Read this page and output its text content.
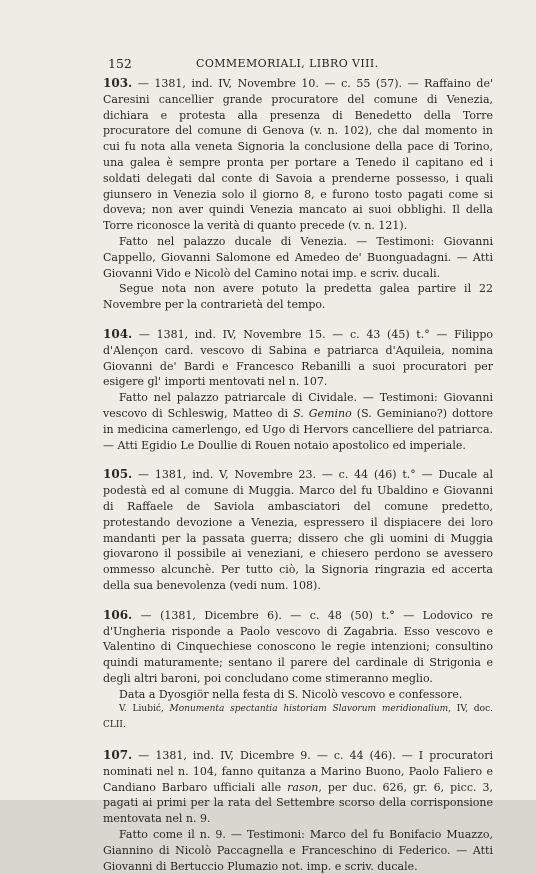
152	COMMEMORIALI, LIBRO VIII.

103. — 1381, ind. IV, Novembre 10. — c. 55 (57). — Raffaino de' Caresini cancellier grande procuratore del comune di Venezia, dichiara e protesta alla presenza di Benedetto della Torre procuratore del comune di Genova (v. n. 102), che dal momento in cui fu nota alla veneta Signoria la conclusione della pace di Torino, una galea è sempre pronta per portare a Tenedo il capitano ed i soldati delegati dal conte di Savoia a prenderne possesso, i quali giunsero in Venezia solo il giorno 8, e furono tosto pagati come si doveva; non aver quindi Venezia mancato ai suoi obblighi. Il della Torre riconosce la verità di quanto precede (v. n. 121).

Fatto nel palazzo ducale di Venezia. — Testimoni: Giovanni Cappello, Giovanni Salomone ed Amedeo de' Buonguadagni. — Atti Giovanni Vido e Nicolò del Camino notai imp. e scriv. ducali.

Segue nota non avere potuto la predetta galea partire il 22 Novembre per la contrarietà del tempo.

104. — 1381, ind. IV, Novembre 15. — c. 43 (45) t.° — Filippo d'Alençon card. vescovo di Sabina e patriarca d'Aquileia, nomina Giovanni de' Bardi e Francesco Rebanilli a suoi procuratori per esigere gl' importi mentovati nel n. 107.

Fatto nel palazzo patriarcale di Cividale. — Testimoni: Giovanni vescovo di Schleswig, Matteo di S. Gemino (S. Geminiano?) dottore in medicina camerlengo, ed Ugo di Hervors cancelliere del patriarca. — Atti Egidio Le Doullie di Rouen notaio apostolico ed imperiale.

105. — 1381, ind. V, Novembre 23. — c. 44 (46) t.° — Ducale al podestà ed al comune di Muggia. Marco del fu Ubaldino e Giovanni di Raffaele de Saviola ambasciatori del comune predetto, protestando devozione a Venezia, espressero il dispiacere dei loro mandanti per la passata guerra; dissero che gli uomini di Muggia giovarono il possibile ai veneziani, e chiesero perdono se avessero ommesso alcunchè. Per tutto ciò, la Signoria ringrazia ed accerta della sua benevolenza (vedi num. 108).

106. — (1381, Dicembre 6). — c. 48 (50) t.° — Lodovico re d'Ungheria risponde a Paolo vescovo di Zagabria. Esso vescovo e Valentino di Cinquechiese conoscono le regie intenzioni; consultino quindi maturamente; sentano il parere del cardinale di Strigonia e degli altri baroni, poi concludano come stimeranno meglio.

Data a Dyosgiör nella festa di S. Nicolò vescovo e confessore.

V. Liubić, Monumenta spectantia historiam Slavorum meridionalium, IV, doc. CLII.

107. — 1381, ind. IV, Dicembre 9. — c. 44 (46). — I procuratori nominati nel n. 104, fanno quitanza a Marino Buono, Paolo Faliero e Candiano Barbaro ufficiali alle rason, per duc. 626, gr. 6, picc. 3, pagati ai primi per la rata del Settembre scorso della corrisponsione mentovata nel n. 9.

Fatto come il n. 9. — Testimoni: Marco del fu Bonifacio Muazzo, Giannino di Nicolò Paccagnella e Franceschino di Federico. — Atti Giovanni di Bertuccio Plumazio not. imp. e scriv. ducale.
